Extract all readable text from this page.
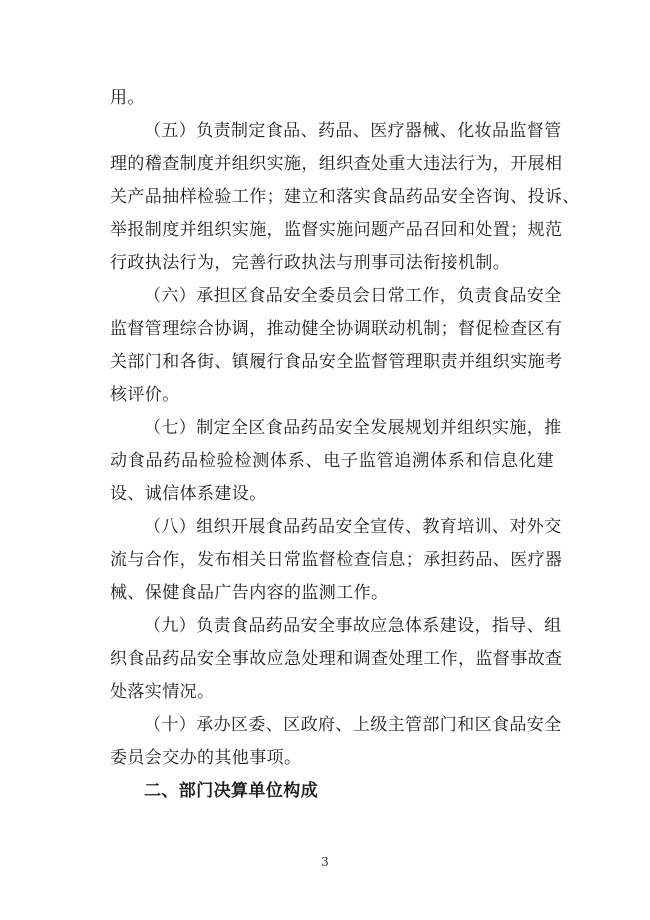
用。
（五）负责制定食品、药品、医疗器械、化妆品监督管
理的稽查制度并组织实施，组织查处重大违法行为，开展相
关产品抽样检验工作；建立和落实食品药品安全咨询、投诉、
举报制度并组织实施，监督实施问题产品召回和处置；规范
行政执法行为，完善行政执法与刑事司法衔接机制。
（六）承担区食品安全委员会日常工作，负责食品安全
监督管理综合协调，推动健全协调联动机制；督促检查区有
关部门和各街、镇履行食品安全监督管理职责并组织实施考
核评价。
（七）制定全区食品药品安全发展规划并组织实施，推
动食品药品检验检测体系、电子监管追溯体系和信息化建
设、诚信体系建设。
（八）组织开展食品药品安全宣传、教育培训、对外交
流与合作，发布相关日常监督检查信息；承担药品、医疗器
械、保健食品广告内容的监测工作。
（九）负责食品药品安全事故应急体系建设，指导、组
织食品药品安全事故应急处理和调查处理工作，监督事故查
处落实情况。
（十）承办区委、区政府、上级主管部门和区食品安全
委员会交办的其他事项。
二、部门决算单位构成
3
